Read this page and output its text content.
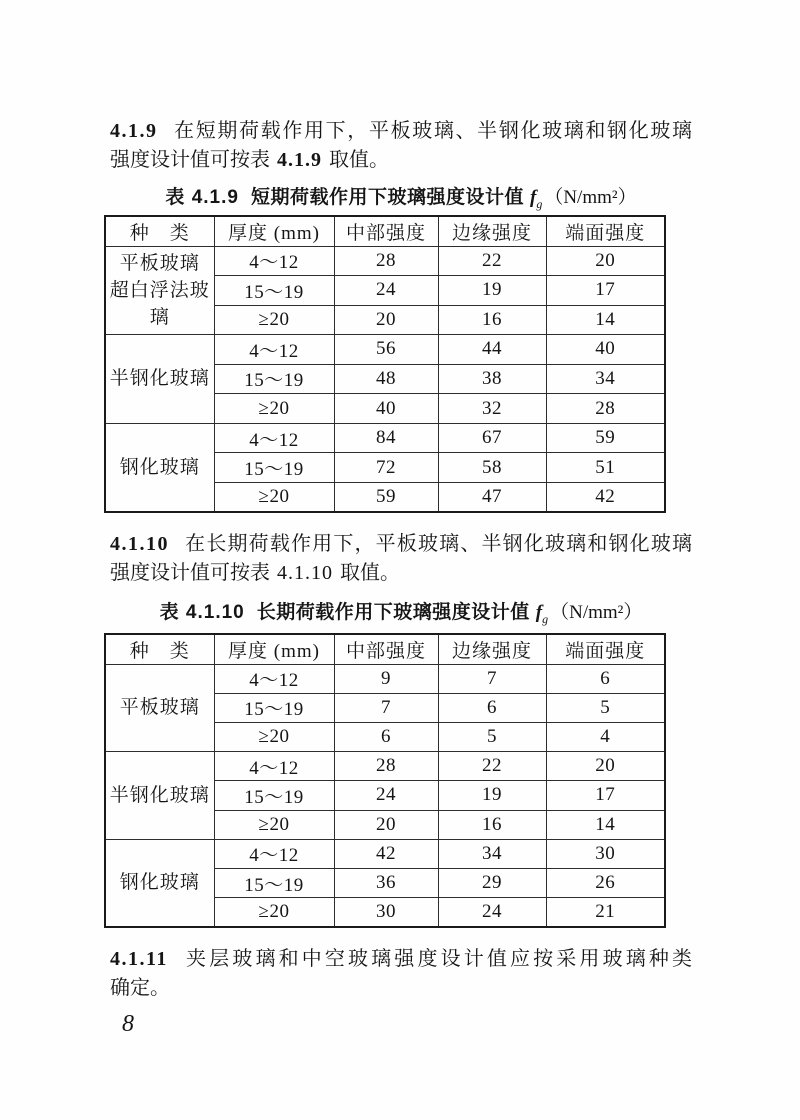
4.1.9 在短期荷载作用下，平板玻璃、半钢化玻璃和钢化玻璃
强度设计值可按表 4.1.9 取值。
表 4.1.9 短期荷载作用下玻璃强度设计值 $f_g$ （N/mm²）
种　类	厚度 (mm)	中部强度	边缘强度	端面强度

平板玻璃
超白浮法玻璃	4～12	28	22	20
	15～19	24	19	17
	≥20	20	16	14

半钢化玻璃	4～12	56	44	40
	15～19	48	38	34
	≥20	40	32	28

钢化玻璃	4～12	84	67	59
	15～19	72	58	51
	≥20	59	47	42
4.1.10 在长期荷载作用下，平板玻璃、半钢化玻璃和钢化玻璃
强度设计值可按表 4.1.10 取值。
表 4.1.10 长期荷载作用下玻璃强度设计值 $f_g$ （N/mm²）
种　类	厚度 (mm)	中部强度	边缘强度	端面强度

平板玻璃	4～12	9	7	6
	15～19	7	6	5
	≥20	6	5	4

半钢化玻璃	4～12	28	22	20
	15～19	24	19	17
	≥20	20	16	14

钢化玻璃	4～12	42	34	30
	15～19	36	29	26
	≥20	30	24	21
4.1.11 夹层玻璃和中空玻璃强度设计值应按采用玻璃种类
确定。
8
